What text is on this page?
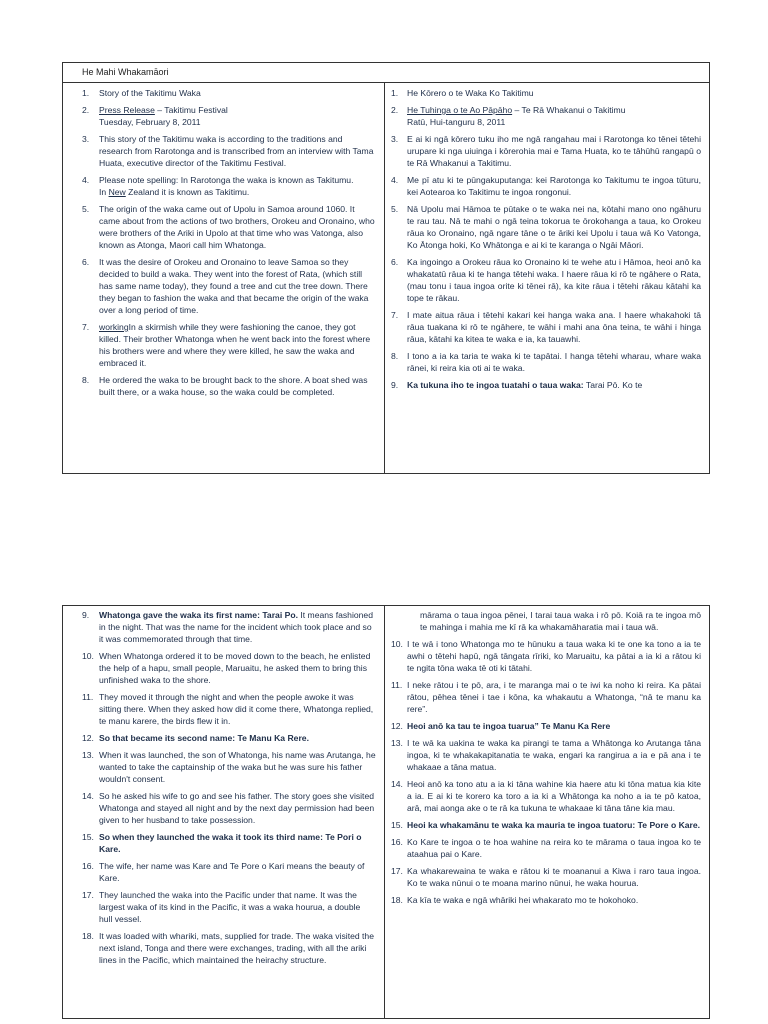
He Mahi Whakamāori
1. Story of the Takitimu Waka
2. Press Release – Takitimu Festival
Tuesday, February 8, 2011
3. This story of the Takitimu waka is according to the traditions and research from Rarotonga and is transcribed from an interview with Tama Huata, executive director of the Takitimu Festival.
4. Please note spelling: In Rarotonga the waka is known as Takitumu.
In New Zealand it is known as Takitimu.
5. The origin of the waka came out of Upolu in Samoa around 1060. It came about from the actions of two brothers, Orokeu and Oronaino, who were brothers of the Ariki in Upolo at that time who was Vatonga, also known as Atonga, Maori call him Whatonga.
6. It was the desire of Orokeu and Oronaino to leave Samoa so they decided to build a waka. They went into the forest of Rata, (which still has same name today), they found a tree and cut the tree down. There they began to fashion the waka and that became the origin of the waka over a long period of time.
7. workingIn a skirmish while they were fashioning the canoe, they got killed. Their brother Whatonga when he went back into the forest where his brothers were and where they were killed, he saw the waka and embraced it.
8. He ordered the waka to be brought back to the shore. A boat shed was built there, or a waka house, so the waka could be completed.
1. He Kōrero o te Waka Ko Takitimu
2. He Tuhinga o te Ao Pāpāho – Te Rā Whakanui o Takitimu
Ratū, Hui-tanguru 8, 2011
3. E ai ki ngā kōrero tuku iho me ngā rangahau mai i Rarotonga ko tēnei tētehi urupare ki nga uiuinga i kōrerohia mai e Tama Huata, ko te tāhūhū rangapū o te Rā Whakanui a Takitimu.
4. Me pī atu ki te pūngakuputanga: kei Rarotonga ko Takitumu te ingoa tūturu, kei Aotearoa ko Takitimu te ingoa rongonui.
5. Nā Upolu mai Hāmoa te pūtake o te waka nei na, kōtahi mano ono ngāhuru te rau tau. Nā te mahi o ngā teina tokorua te ōrokohanga a taua, ko Orokeu rāua ko Oronaino, ngā ngare tāne o te āriki kei Upolu i taua wā Ko Vatonga, Ko Ātonga hoki, Ko Whātonga e ai ki te karanga o Ngāi Māori.
6. Ka ingoingo a Orokeu rāua ko Oronaino ki te wehe atu i Hāmoa, heoi anō ka whakatatū rāua ki te hanga tētehi waka. I haere rāua ki rō te ngāhere o Rata, (mau tonu i taua ingoa orite ki tēnei rā), ka kite rāua i tētehi rākau kātahi ka tope te rākau.
7. I mate aitua rāua i tētehi kakari kei hanga waka ana. I haere whakahoki tā rāua tuakana ki rō te ngāhere, te wāhi i mahi ana ōna teina, te wāhi i hinga rāua, kātahi ka kitea te waka e ia, ka tauawhi.
8. I tono a ia ka taria te waka ki te tapātai. I hanga tētehi wharau, whare waka rānei, ki reira kia oti ai te waka.
9. Ka tukuna iho te ingoa tuatahi o taua waka: Tarai Pō. Ko te
9. Whatonga gave the waka its first name: Tarai Po. It means fashioned in the night. That was the name for the incident which took place and so it was commemorated through that time.
10. When Whatonga ordered it to be moved down to the beach, he enlisted the help of a hapu, small people, Maruaitu, he asked them to bring this unfinished waka to the shore.
11. They moved it through the night and when the people awoke it was sitting there. When they asked how did it come there, Whatonga replied, te manu karere, the birds flew it in.
12. So that became its second name: Te Manu Ka Rere.
13. When it was launched, the son of Whatonga, his name was Arutanga, he wanted to take the captainship of the waka but he was sure his father wouldn't consent.
14. So he asked his wife to go and see his father. The story goes she visited Whatonga and stayed all night and by the next day permission had been given to her husband to take possession.
15. So when they launched the waka it took its third name: Te Pori o Kare.
16. The wife, her name was Kare and Te Pore o Kari means the beauty of Kare.
17. They launched the waka into the Pacific under that name. It was the largest waka of its kind in the Pacific, it was a waka hourua, a double hull vessel.
18. It was loaded with whariki, mats, supplied for trade. The waka visited the next island, Tonga and there were exchanges, trading, with all the ariki lines in the Pacific, which maintained the heirachy structure.
mārama o taua ingoa pēnei, I tarai taua waka i rō pō. Koiā ra te ingoa mō te mahinga i mahia me kī rā ka whakamāharatia mai i taua wā.
10. I te wā i tono Whatonga mo te hūnuku a taua waka ki te one ka tono a ia te awhi o tētehi hapū, ngā tāngata rīriki, ko Maruaitu, ka pātai a ia ki a rātou ki te ngita tōna waka tē oti ki tātahi.
11. I neke rātou i te pō, ara, i te maranga mai o te iwi ka noho ki reira. Ka pātai rātou, pēhea tēnei i tae i kōna, ka whakautu a Whatonga, “nā te manu ka rere”.
12. Heoi anō ka tau te ingoa tuarua” Te Manu Ka Rere
13. I te wā ka uakina te waka ka pirangi te tama a Whātonga ko Arutanga tāna ingoa, ki te whakakapitanatia te waka, engari ka rangirua a ia e pā ana i te whakaae a tāna matua.
14. Heoi anō ka tono atu a ia ki tāna wahine kia haere atu ki tōna matua kia kite a ia. E ai ki te korero ka toro a ia ki a Whātonga ka noho a ia te pō katoa, arā, mai aonga ake o te rā ka tukuna te whakaae ki tāna tāne kia mau.
15. Heoi ka whakamānu te waka ka mauria te ingoa tuatoru: Te Pore o Kare.
16. Ko Kare te ingoa o te hoa wahine na reira ko te mārama o taua ingoa ko te ataahua pai o Kare.
17. Ka whakarewaina te waka e rātou ki te moananui a Kiwa i raro taua ingoa. Ko te waka nūnui o te moana marino nūnui, he waka hourua.
18. Ka kīa te waka e ngā whāriki hei whakarato mo te hokohoko.
